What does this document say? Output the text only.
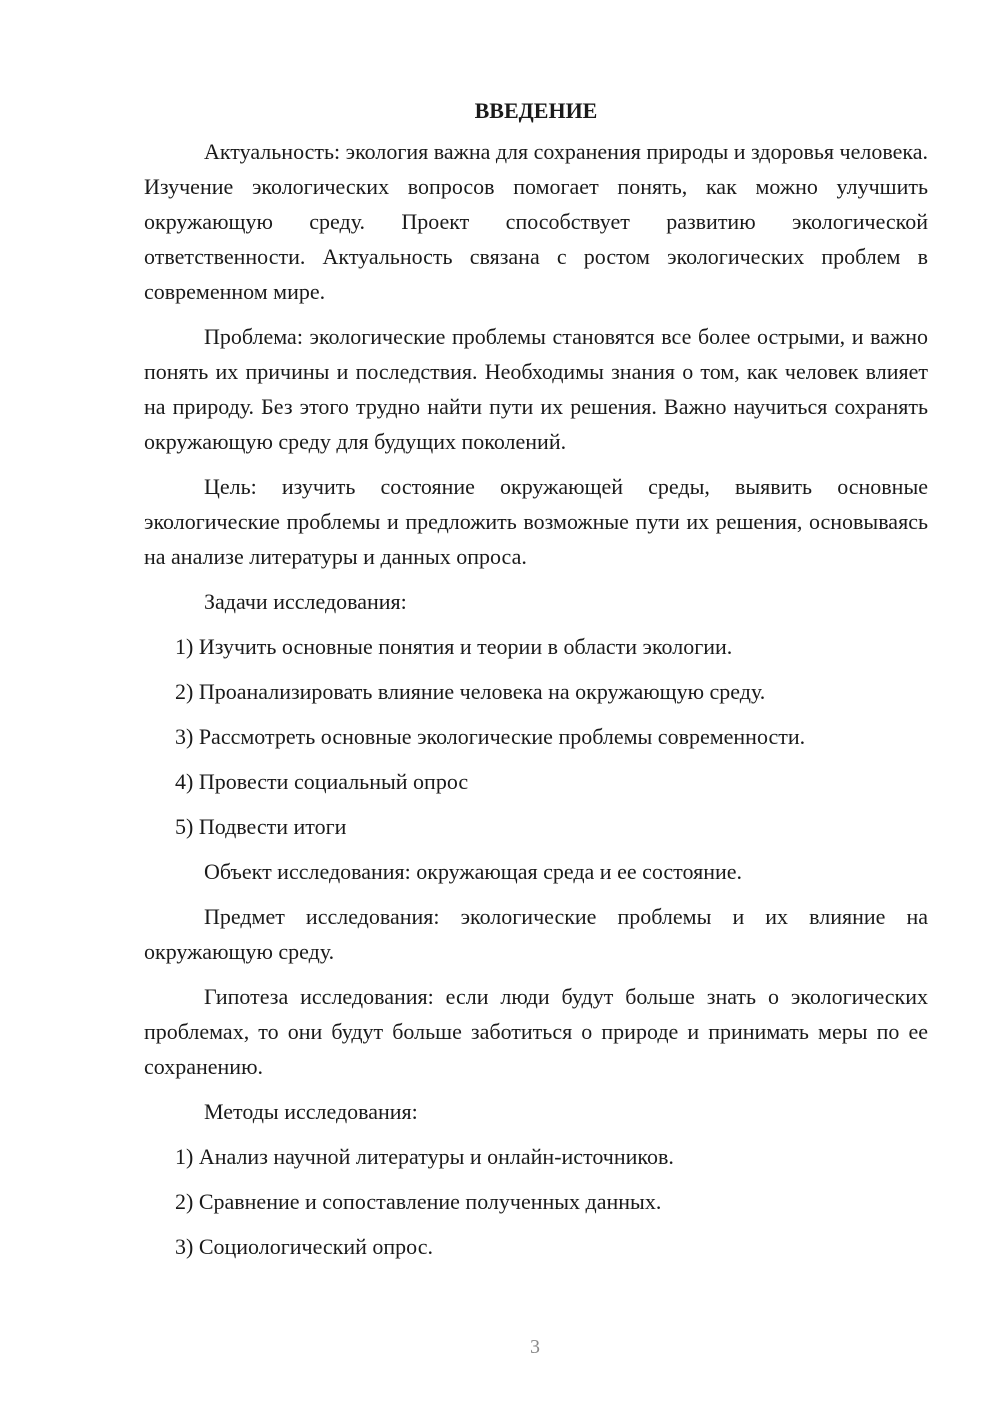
ВВЕДЕНИЕ

Актуальность: экология важна для сохранения природы и здоровья человека. Изучение экологических вопросов помогает понять, как можно улучшить окружающую среду. Проект способствует развитию экологической ответственности. Актуальность связана с ростом экологических проблем в современном мире.

Проблема: экологические проблемы становятся все более острыми, и важно понять их причины и последствия. Необходимы знания о том, как человек влияет на природу. Без этого трудно найти пути их решения. Важно научиться сохранять окружающую среду для будущих поколений.

Цель: изучить состояние окружающей среды, выявить основные экологические проблемы и предложить возможные пути их решения, основываясь на анализе литературы и данных опроса.

Задачи исследования:
1) Изучить основные понятия и теории в области экологии.
2) Проанализировать влияние человека на окружающую среду.
3) Рассмотреть основные экологические проблемы современности.
4) Провести социальный опрос
5) Подвести итоги
Объект исследования: окружающая среда и ее состояние.

Предмет исследования: экологические проблемы и их влияние на окружающую среду.

Гипотеза исследования: если люди будут больше знать о экологических проблемах, то они будут больше заботиться о природе и принимать меры по ее сохранению.

Методы исследования:
1) Анализ научной литературы и онлайн-источников.
2) Сравнение и сопоставление полученных данных.
3) Социологический опрос.
3
